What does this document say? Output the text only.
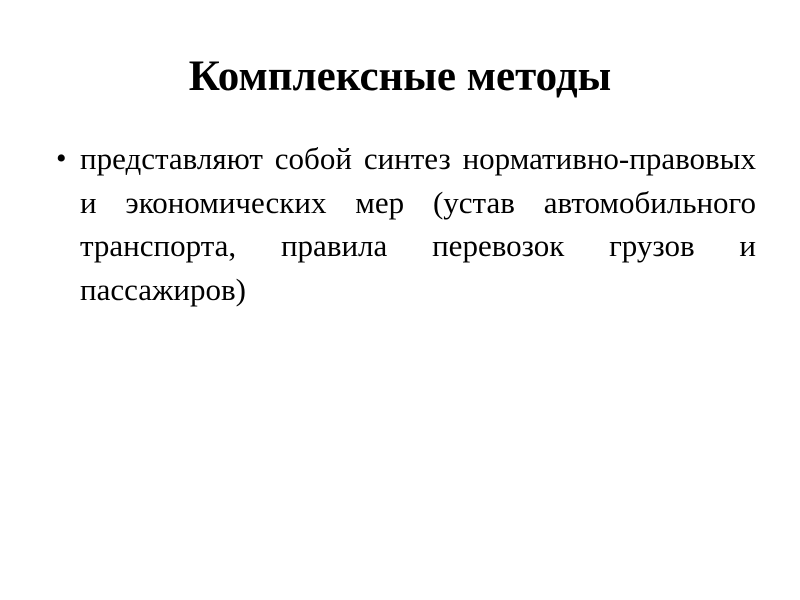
Комплексные методы
• представляют собой синтез нормативно-правовых и экономических мер (устав автомобильного транспорта, правила перевозок грузов и пассажиров)
